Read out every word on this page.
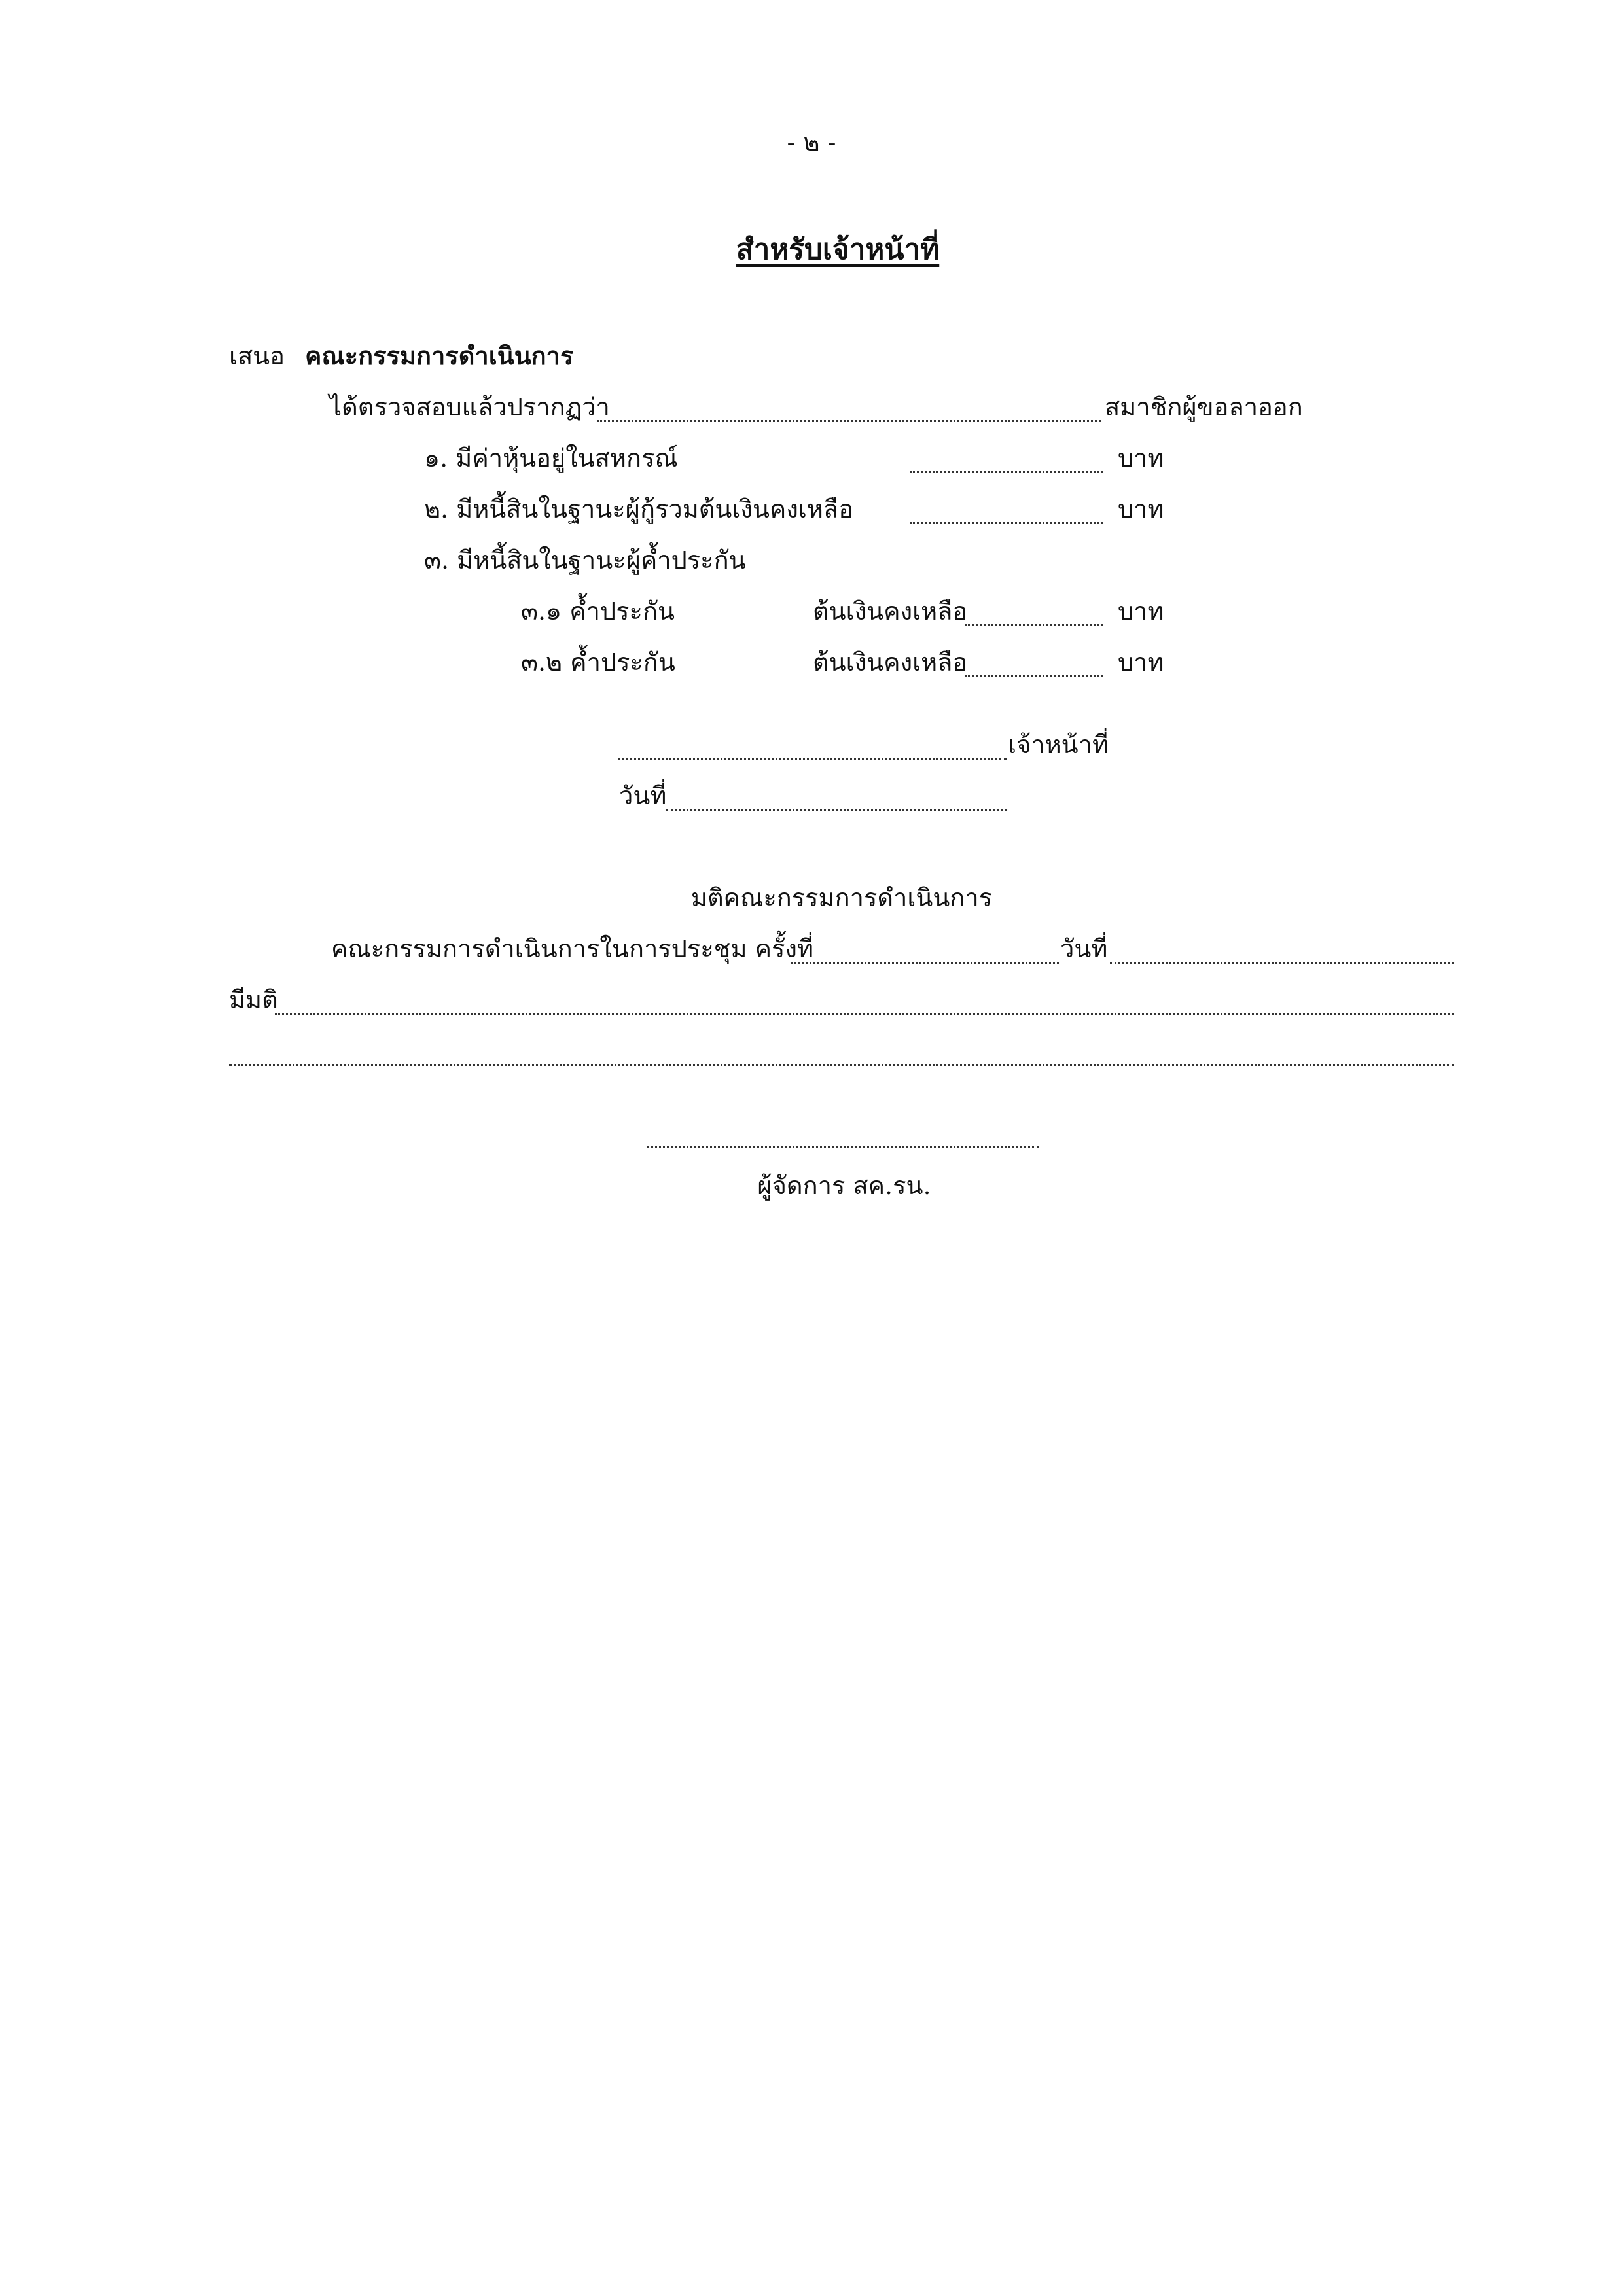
- ๒ -
สำหรับเจ้าหน้าที่
เสนอ คณะกรรมการดำเนินการ
ได้ตรวจสอบแล้วปรากฏว่า	สมาชิกผู้ขอลาออก
๑. มีค่าหุ้นอยู่ในสหกรณ์	บาท
๒. มีหนี้สินในฐานะผู้กู้รวมต้นเงินคงเหลือ	บาท
๓. มีหนี้สินในฐานะผู้ค้ำประกัน
๓.๑ ค้ำประกัน	ต้นเงินคงเหลือ	บาท
๓.๒ ค้ำประกัน	ต้นเงินคงเหลือ	บาท
เจ้าหน้าที่
วันที่
มติคณะกรรมการดำเนินการ
คณะกรรมการดำเนินการในการประชุม ครั้งที่	วันที่
มีมติ
ผู้จัดการ สค.รน.
